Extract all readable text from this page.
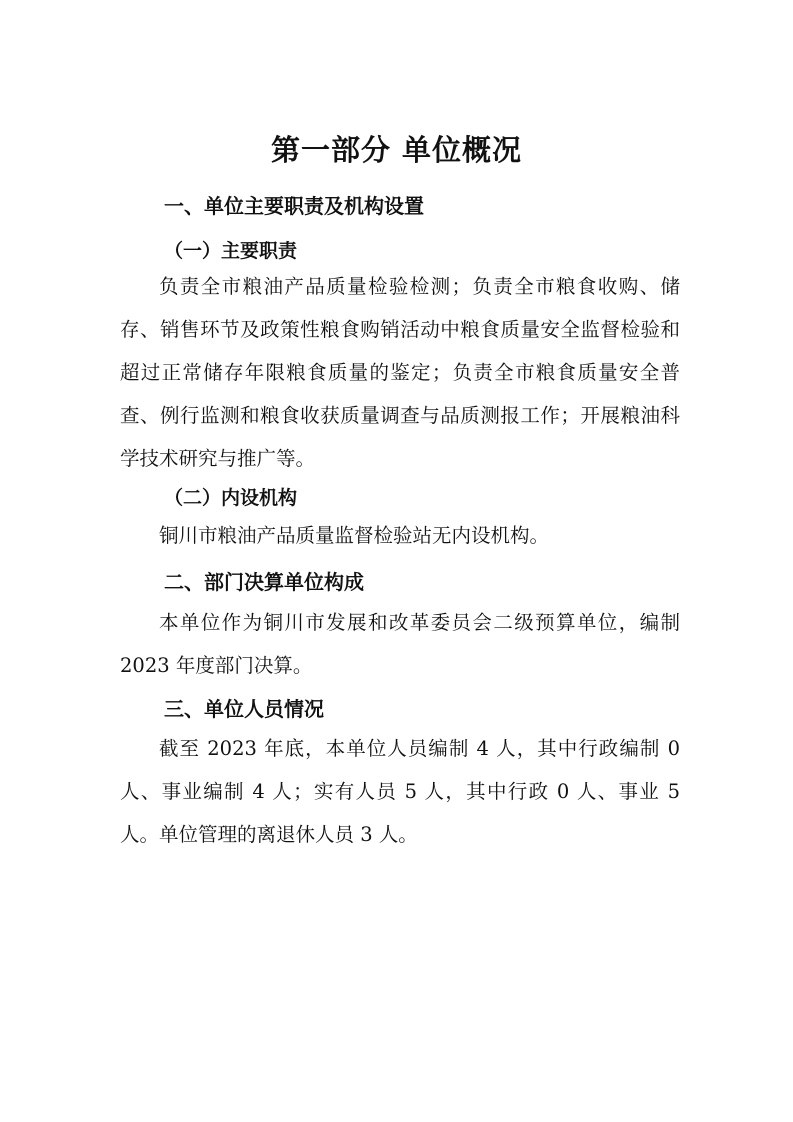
第一部分 单位概况
一、单位主要职责及机构设置
（一）主要职责

负责全市粮油产品质量检验检测；负责全市粮食收购、储存、销售环节及政策性粮食购销活动中粮食质量安全监督检验和超过正常储存年限粮食质量的鉴定；负责全市粮食质量安全普查、例行监测和粮食收获质量调查与品质测报工作；开展粮油科学技术研究与推广等。

（二）内设机构

铜川市粮油产品质量监督检验站无内设机构。

二、部门决算单位构成

本单位作为铜川市发展和改革委员会二级预算单位，编制 2023 年度部门决算。

三、单位人员情况

截至 2023 年底，本单位人员编制 4 人，其中行政编制 0 人、事业编制 4 人；实有人员 5 人，其中行政 0 人、事业 5 人。单位管理的离退休人员 3 人。
